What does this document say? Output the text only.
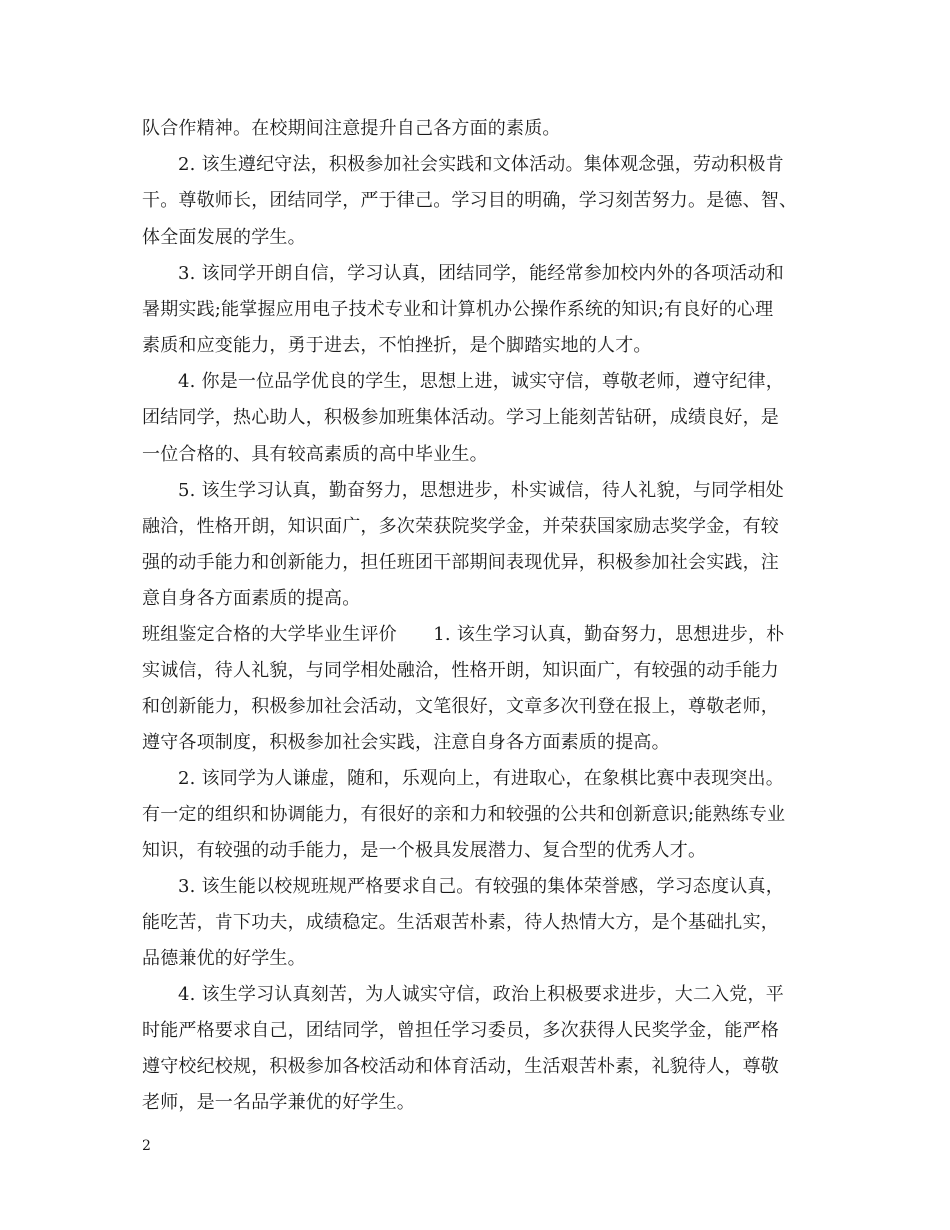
队合作精神。在校期间注意提升自己各方面的素质。
2. 该生遵纪守法，积极参加社会实践和文体活动。集体观念强，劳动积极肯
干。尊敬师长，团结同学，严于律己。学习目的明确，学习刻苦努力。是德、智、
体全面发展的学生。
3. 该同学开朗自信，学习认真，团结同学，能经常参加校内外的各项活动和
暑期实践;能掌握应用电子技术专业和计算机办公操作系统的知识;有良好的心理
素质和应变能力，勇于进去，不怕挫折，是个脚踏实地的人才。
4. 你是一位品学优良的学生，思想上进，诚实守信，尊敬老师，遵守纪律，
团结同学，热心助人，积极参加班集体活动。学习上能刻苦钻研，成绩良好，是
一位合格的、具有较高素质的高中毕业生。
5. 该生学习认真，勤奋努力，思想进步，朴实诚信，待人礼貌，与同学相处
融洽，性格开朗，知识面广，多次荣获院奖学金，并荣获国家励志奖学金，有较
强的动手能力和创新能力，担任班团干部期间表现优异，积极参加社会实践，注
意自身各方面素质的提高。
班组鉴定合格的大学毕业生评价　　1. 该生学习认真，勤奋努力，思想进步，朴
实诚信，待人礼貌，与同学相处融洽，性格开朗，知识面广，有较强的动手能力
和创新能力，积极参加社会活动，文笔很好，文章多次刊登在报上，尊敬老师，
遵守各项制度，积极参加社会实践，注意自身各方面素质的提高。
2. 该同学为人谦虚，随和，乐观向上，有进取心，在象棋比赛中表现突出。
有一定的组织和协调能力，有很好的亲和力和较强的公共和创新意识;能熟练专业
知识，有较强的动手能力，是一个极具发展潜力、复合型的优秀人才。
3. 该生能以校规班规严格要求自己。有较强的集体荣誉感，学习态度认真，
能吃苦，肯下功夫，成绩稳定。生活艰苦朴素，待人热情大方，是个基础扎实，
品德兼优的好学生。
4. 该生学习认真刻苦，为人诚实守信，政治上积极要求进步，大二入党，平
时能严格要求自己，团结同学，曾担任学习委员，多次获得人民奖学金，能严格
遵守校纪校规，积极参加各校活动和体育活动，生活艰苦朴素，礼貌待人，尊敬
老师，是一名品学兼优的好学生。
2
